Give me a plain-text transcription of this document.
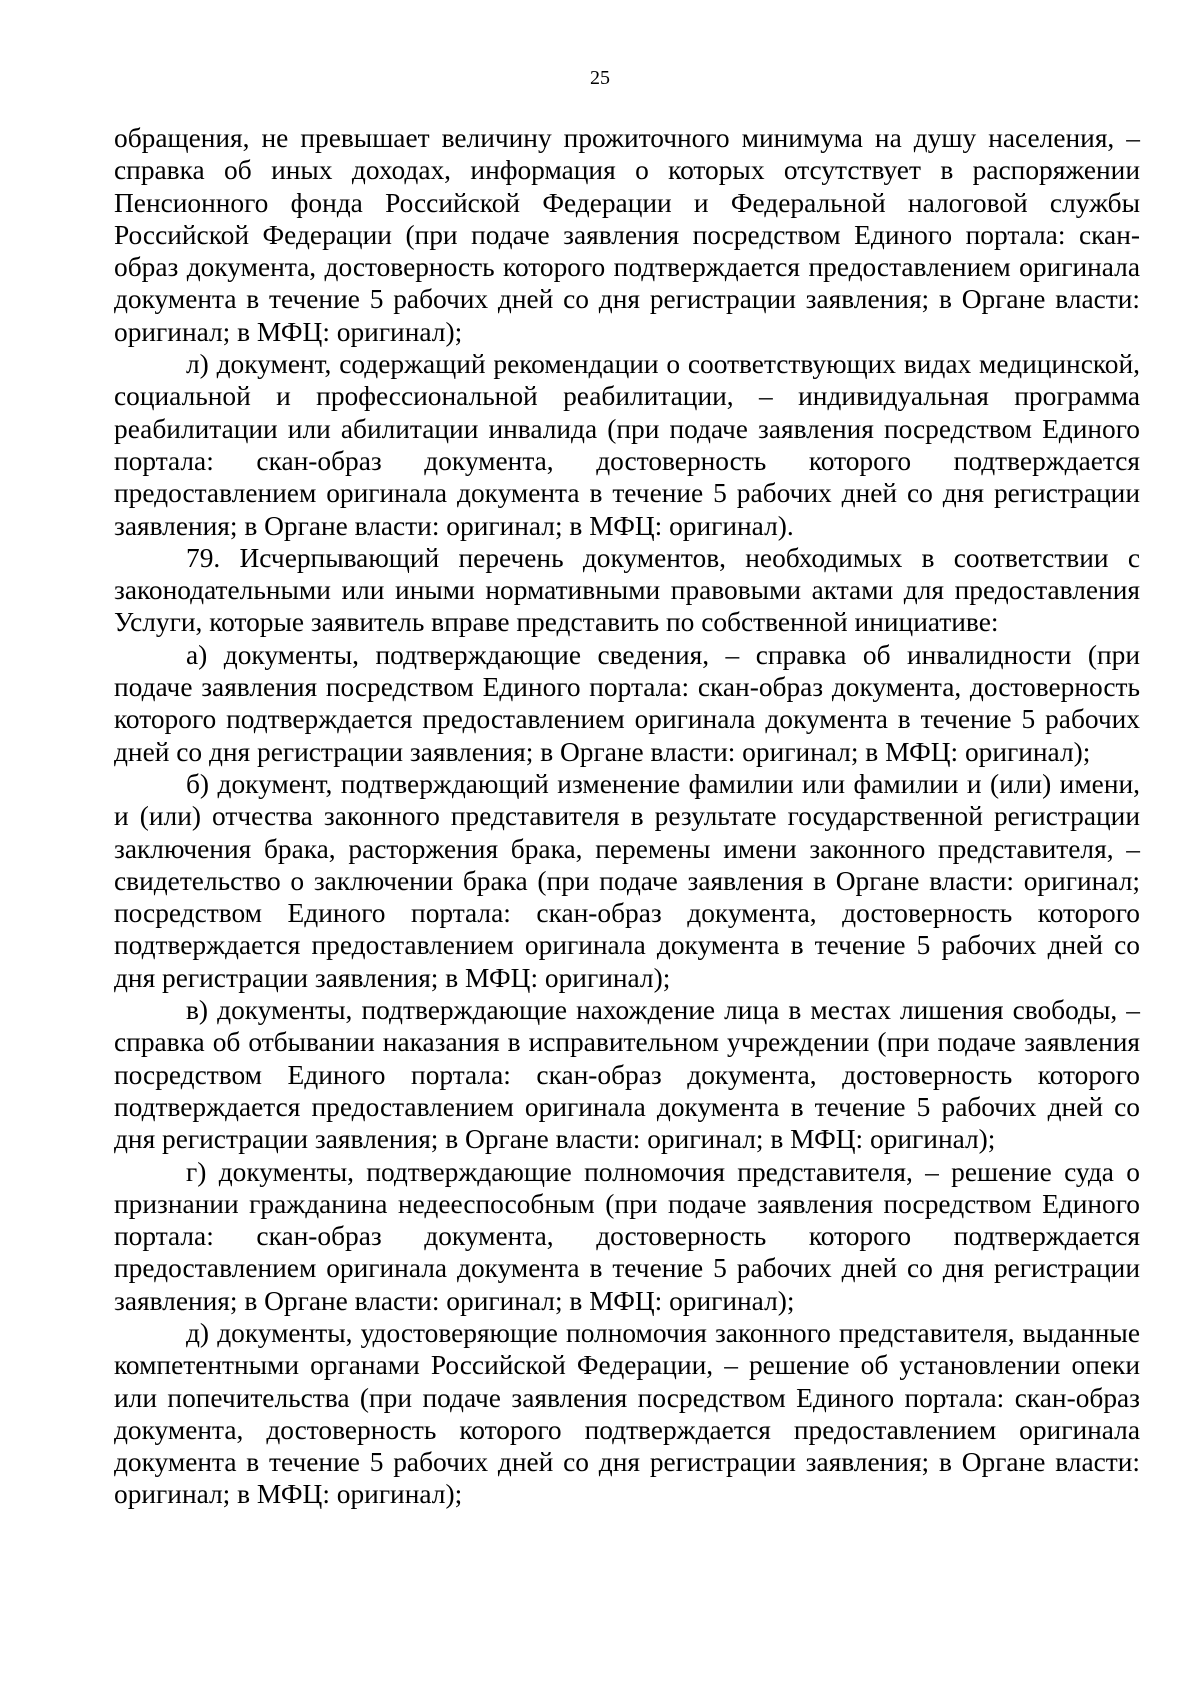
25

обращения, не превышает величину прожиточного минимума на душу населения, – справка об иных доходах, информация о которых отсутствует в распоряжении Пенсионного фонда Российской Федерации и Федеральной налоговой службы Российской Федерации (при подаче заявления посредством Единого портала: скан-образ документа, достоверность которого подтверждается предоставлением оригинала документа в течение 5 рабочих дней со дня регистрации заявления; в Органе власти: оригинал; в МФЦ: оригинал);

л) документ, содержащий рекомендации о соответствующих видах медицинской, социальной и профессиональной реабилитации, – индивидуальная программа реабилитации или абилитации инвалида (при подаче заявления посредством Единого портала: скан-образ документа, достоверность которого подтверждается предоставлением оригинала документа в течение 5 рабочих дней со дня регистрации заявления; в Органе власти: оригинал; в МФЦ: оригинал).

79. Исчерпывающий перечень документов, необходимых в соответствии с законодательными или иными нормативными правовыми актами для предоставления Услуги, которые заявитель вправе представить по собственной инициативе:

а) документы, подтверждающие сведения, – справка об инвалидности (при подаче заявления посредством Единого портала: скан-образ документа, достоверность которого подтверждается предоставлением оригинала документа в течение 5 рабочих дней со дня регистрации заявления; в Органе власти: оригинал; в МФЦ: оригинал);

б) документ, подтверждающий изменение фамилии или фамилии и (или) имени, и (или) отчества законного представителя в результате государственной регистрации заключения брака, расторжения брака, перемены имени законного представителя, – свидетельство о заключении брака (при подаче заявления в Органе власти: оригинал; посредством Единого портала: скан-образ документа, достоверность которого подтверждается предоставлением оригинала документа в течение 5 рабочих дней со дня регистрации заявления; в МФЦ: оригинал);

в) документы, подтверждающие нахождение лица в местах лишения свободы, – справка об отбывании наказания в исправительном учреждении (при подаче заявления посредством Единого портала: скан-образ документа, достоверность которого подтверждается предоставлением оригинала документа в течение 5 рабочих дней со дня регистрации заявления; в Органе власти: оригинал; в МФЦ: оригинал);

г) документы, подтверждающие полномочия представителя, – решение суда о признании гражданина недееспособным (при подаче заявления посредством Единого портала: скан-образ документа, достоверность которого подтверждается предоставлением оригинала документа в течение 5 рабочих дней со дня регистрации заявления; в Органе власти: оригинал; в МФЦ: оригинал);

д) документы, удостоверяющие полномочия законного представителя, выданные компетентными органами Российской Федерации, – решение об установлении опеки или попечительства (при подаче заявления посредством Единого портала: скан-образ документа, достоверность которого подтверждается предоставлением оригинала документа в течение 5 рабочих дней со дня регистрации заявления; в Органе власти: оригинал; в МФЦ: оригинал);
